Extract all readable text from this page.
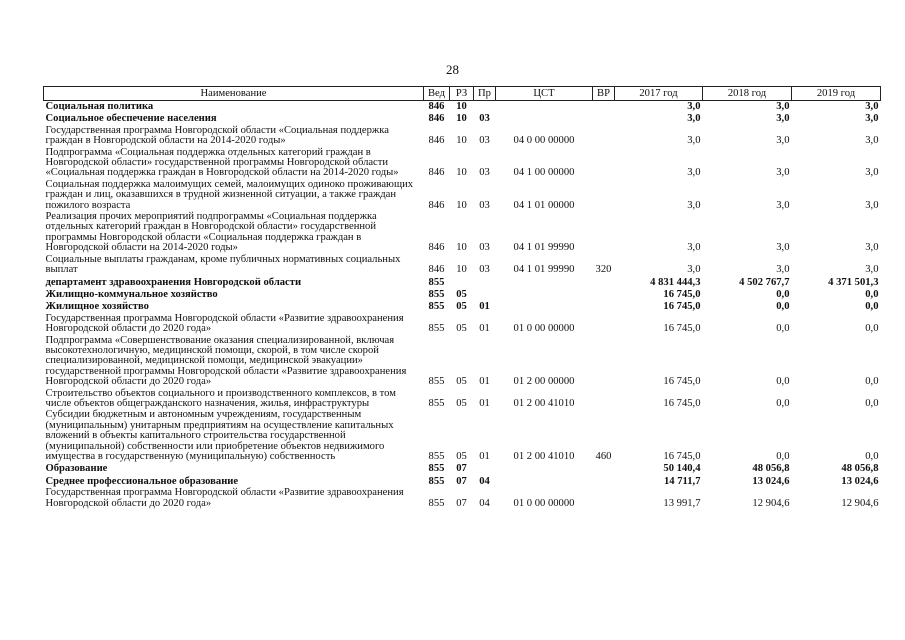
28
Наименование	Вед	РЗ	Пр	ЦСТ	ВР	2017 год	2018 год	2019 год
Социальная политика	846	10				3,0	3,0	3,0
Социальное обеспечение населения	846	10	03			3,0	3,0	3,0
Государственная программа Новгородской области «Социальная поддержка граждан в Новгородской области на 2014-2020 годы»	846	10	03	04 0 00 00000		3,0	3,0	3,0
Подпрограмма «Социальная поддержка отдельных категорий граждан в Новгородской области» государственной программы Новгородской области «Социальная поддержка граждан в Новгородской области на 2014-2020 годы»	846	10	03	04 1 00 00000		3,0	3,0	3,0
Социальная поддержка малоимущих семей, малоимущих одиноко проживающих граждан и лиц, оказавшихся в трудной жизненной ситуации, а также граждан пожилого возраста	846	10	03	04 1 01 00000		3,0	3,0	3,0
Реализация прочих мероприятий подпрограммы «Социальная поддержка отдельных категорий граждан в Новгородской области» государственной программы Новгородской области «Социальная поддержка граждан в Новгородской области на 2014-2020 годы»	846	10	03	04 1 01 99990		3,0	3,0	3,0
Социальные выплаты гражданам, кроме публичных нормативных социальных выплат	846	10	03	04 1 01 99990	320	3,0	3,0	3,0
департамент здравоохранения Новгородской области	855					4 831 444,3	4 502 767,7	4 371 501,3
Жилищно-коммунальное хозяйство	855	05				16 745,0	0,0	0,0
Жилищное хозяйство	855	05	01			16 745,0	0,0	0,0
Государственная программа Новгородской области «Развитие здравоохранения Новгородской области до 2020 года»	855	05	01	01 0 00 00000		16 745,0	0,0	0,0
Подпрограмма «Совершенствование оказания специализированной, включая высокотехнологичную, медицинской помощи, скорой, в том числе скорой специализированной, медицинской помощи, медицинской эвакуации» государственной программы Новгородской области «Развитие здравоохранения Новгородской области до 2020 года»	855	05	01	01 2 00 00000		16 745,0	0,0	0,0
Строительство объектов социального и производственного комплексов, в том числе объектов общегражданского назначения, жилья, инфраструктуры	855	05	01	01 2 00 41010		16 745,0	0,0	0,0
Субсидии бюджетным и автономным учреждениям, государственным (муниципальным) унитарным предприятиям на осуществление капитальных вложений в объекты капитального строительства государственной (муниципальной) собственности или приобретение объектов недвижимого имущества в государственную (муниципальную) собственность	855	05	01	01 2 00 41010	460	16 745,0	0,0	0,0
Образование	855	07				50 140,4	48 056,8	48 056,8
Среднее профессиональное образование	855	07	04			14 711,7	13 024,6	13 024,6
Государственная программа Новгородской области «Развитие здравоохранения Новгородской области до 2020 года»	855	07	04	01 0 00 00000		13 991,7	12 904,6	12 904,6
